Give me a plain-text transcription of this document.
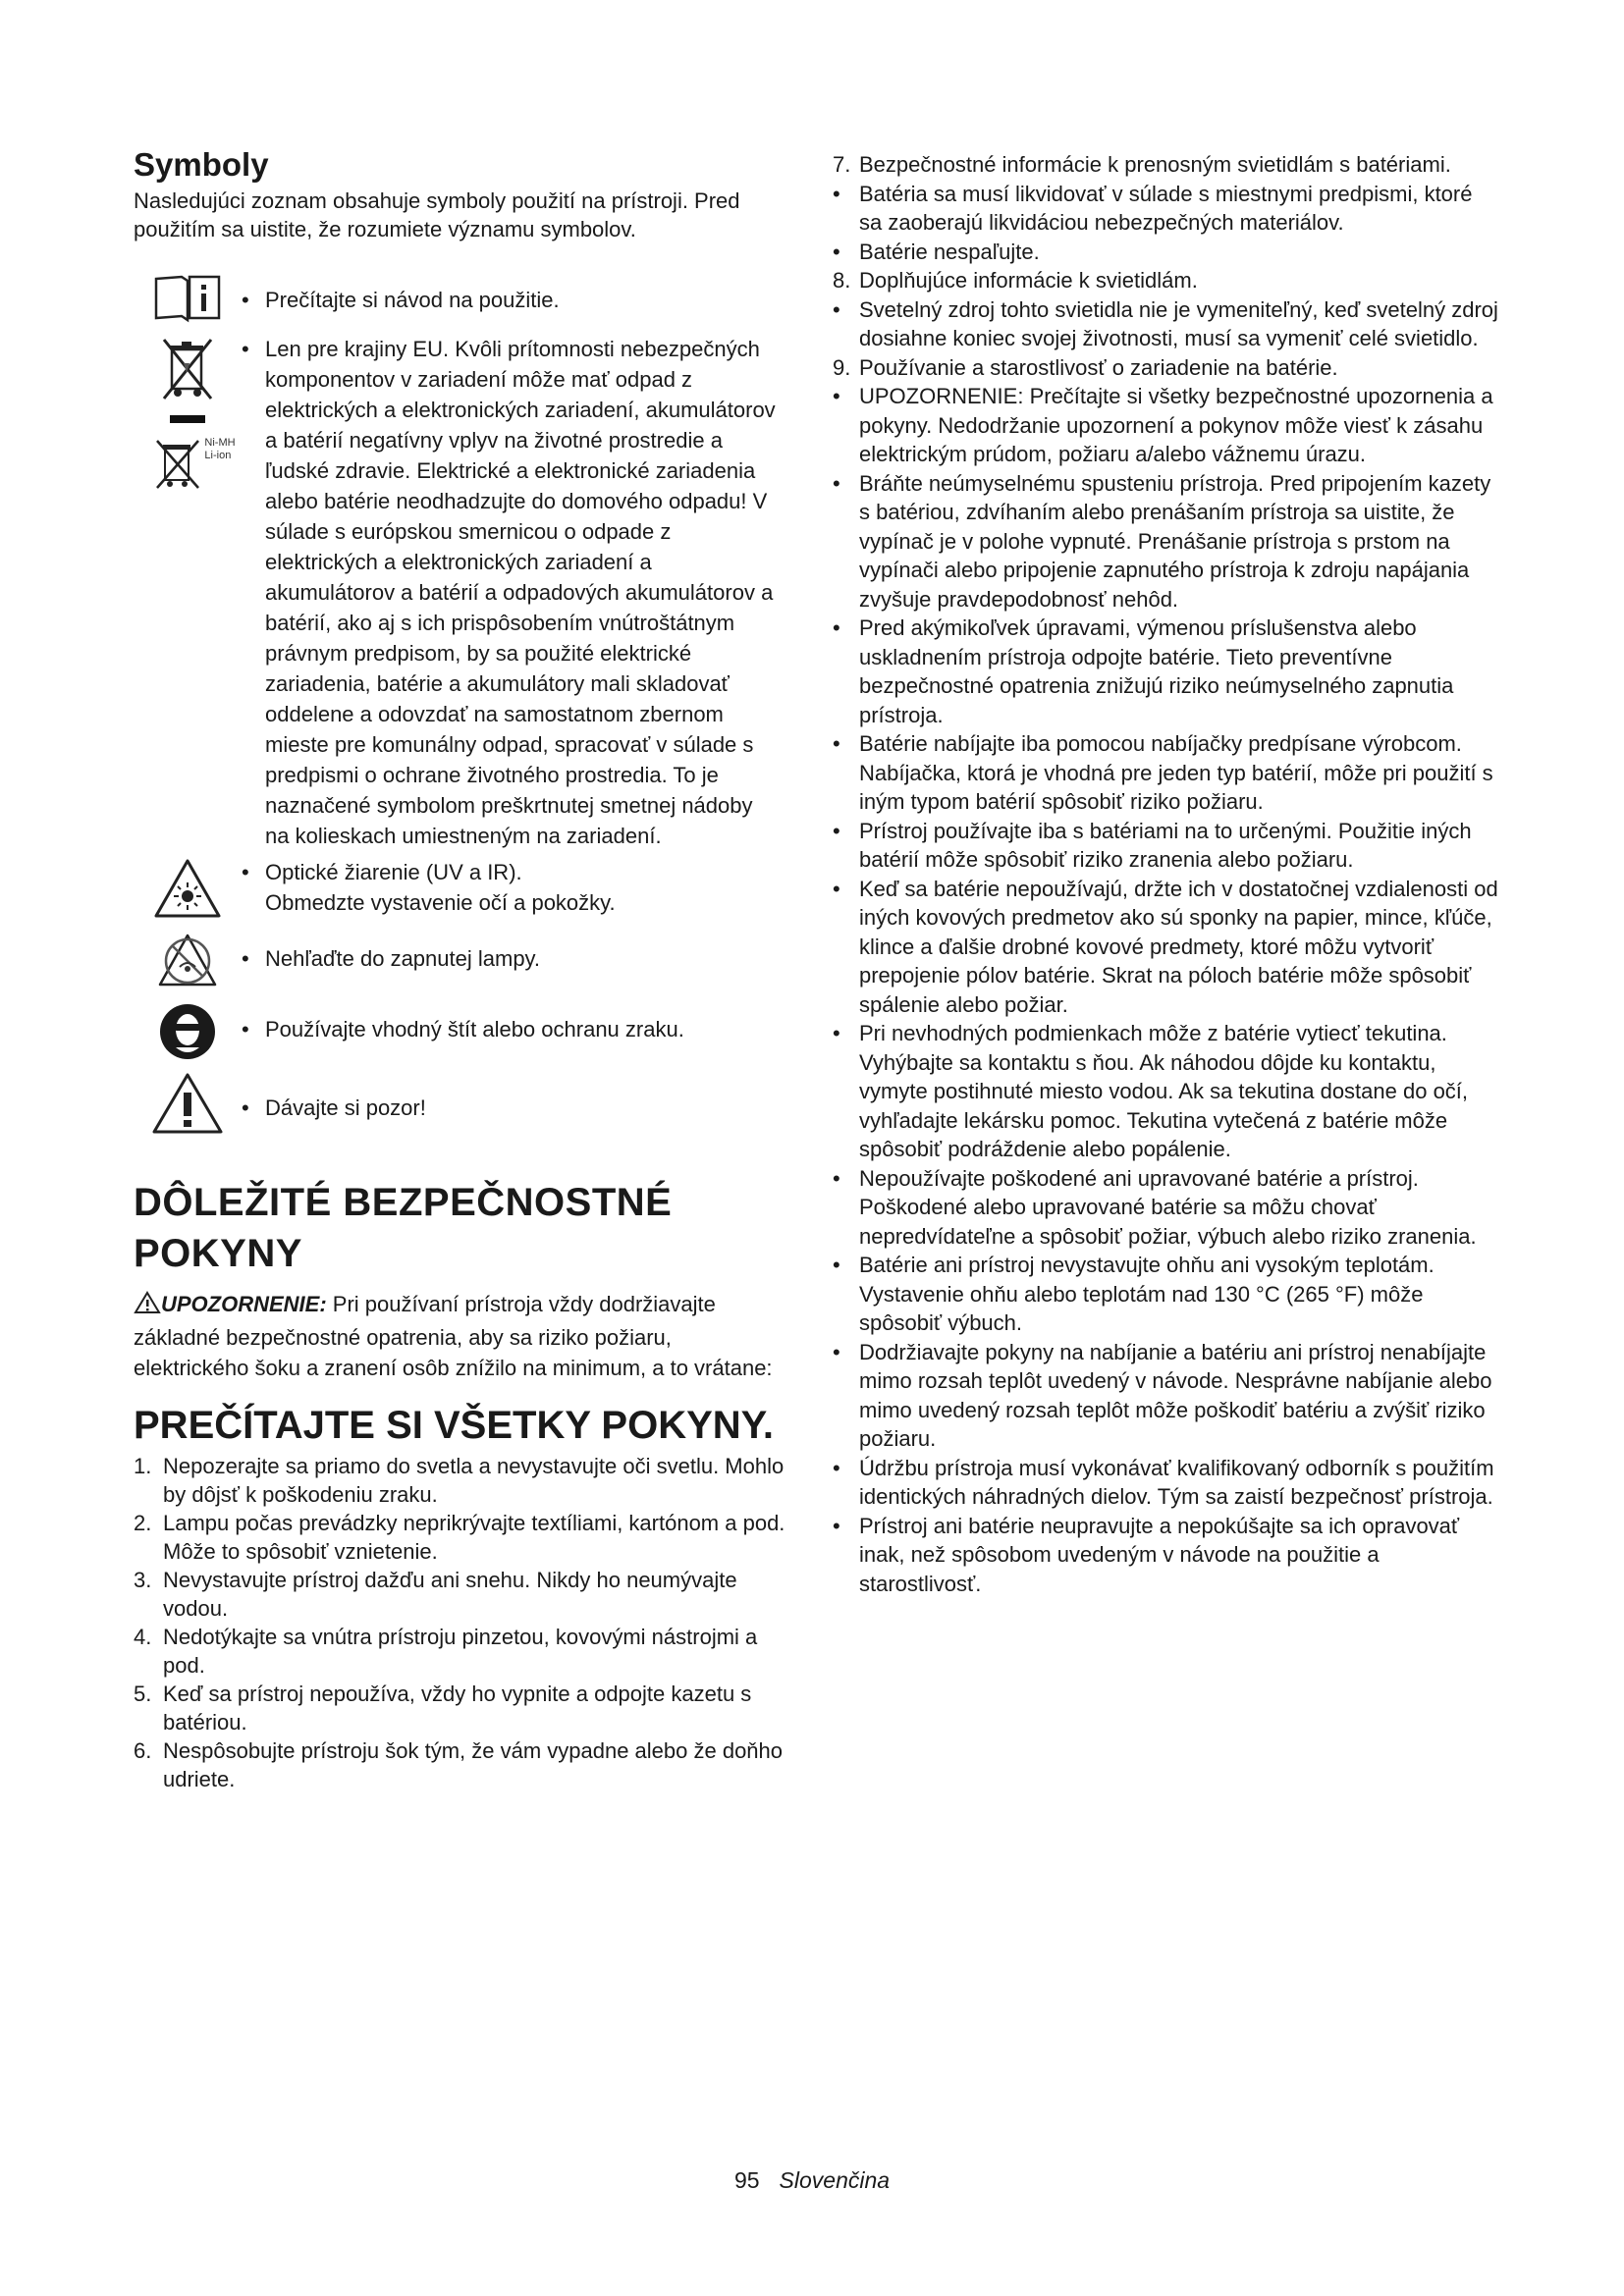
Symboly

Nasledujúci zoznam obsahuje symboly použití na prístroji. Pred použitím sa uistite, že rozumiete významu symbolov.

• Prečítajte si návod na použitie.
Ni-MH
Li-ion
• Len pre krajiny EU. Kvôli prítomnosti nebezpečných komponentov v zariadení môže mať odpad z elektrických a elektronických zariadení, akumulátorov a batérií negatívny vplyv na životné prostredie a ľudské zdravie. Elektrické a elektronické zariadenia alebo batérie neodhadzujte do domového odpadu! V súlade s európskou smernicou o odpade z elektrických a elektronických zariadení a akumulátorov a batérií a odpadových akumulátorov a batérií, ako aj s ich prispôsobením vnútroštátnym právnym predpisom, by sa použité elektrické zariadenia, batérie a akumulátory mali skladovať oddelene a odovzdať na samostatnom zbernom mieste pre komunálny odpad, spracovať v súlade s predpismi o ochrane životného prostredia. To je naznačené symbolom preškrtnutej smetnej nádoby na kolieskach umiestneným na zariadení.
• Optické žiarenie (UV a IR).
Obmedzte vystavenie očí a pokožky.
• Nehľaďte do zapnutej lampy.
• Používajte vhodný štít alebo ochranu zraku.
• Dávajte si pozor!
DÔLEŽITÉ BEZPEČNOSTNÉ POKYNY

UPOZORNENIE: Pri používaní prístroja vždy dodržiavajte základné bezpečnostné opatrenia, aby sa riziko požiaru, elektrického šoku a zranení osôb znížilo na minimum, a to vrátane:

PREČÍTAJTE SI VŠETKY POKYNY.
1. Nepozerajte sa priamo do svetla a nevystavujte oči svetlu. Mohlo by dôjsť k poškodeniu zraku.
2. Lampu počas prevádzky neprikrývajte textíliami, kartónom a pod. Môže to spôsobiť vznietenie.
3. Nevystavujte prístroj dažďu ani snehu. Nikdy ho neumývajte vodou.
4. Nedotýkajte sa vnútra prístroju pinzetou, kovovými nástrojmi a pod.
5. Keď sa prístroj nepoužíva, vždy ho vypnite a odpojte kazetu s batériou.
6. Nespôsobujte prístroju šok tým, že vám vypadne alebo že doňho udriete.
7. Bezpečnostné informácie k prenosným svietidlám s batériami.
• Batéria sa musí likvidovať v súlade s miestnymi predpismi, ktoré sa zaoberajú likvidáciou nebezpečných materiálov.
• Batérie nespaľujte.
8. Doplňujúce informácie k svietidlám.
• Svetelný zdroj tohto svietidla nie je vymeniteľný, keď svetelný zdroj dosiahne koniec svojej životnosti, musí sa vymeniť celé svietidlo.
9. Používanie a starostlivosť o zariadenie na batérie.
• UPOZORNENIE: Prečítajte si všetky bezpečnostné upozornenia a pokyny. Nedodržanie upozornení a pokynov môže viesť k zásahu elektrickým prúdom, požiaru a/alebo vážnemu úrazu.
• Bráňte neúmyselnému spusteniu prístroja. Pred pripojením kazety s batériou, zdvíhaním alebo prenášaním prístroja sa uistite, že vypínač je v polohe vypnuté. Prenášanie prístroja s prstom na vypínači alebo pripojenie zapnutého prístroja k zdroju napájania zvyšuje pravdepodobnosť nehôd.
• Pred akýmikoľvek úpravami, výmenou príslušenstva alebo uskladnením prístroja odpojte batérie. Tieto preventívne bezpečnostné opatrenia znižujú riziko neúmyselného zapnutia prístroja.
• Batérie nabíjajte iba pomocou nabíjačky predpísane výrobcom. Nabíjačka, ktorá je vhodná pre jeden typ batérií, môže pri použití s iným typom batérií spôsobiť riziko požiaru.
• Prístroj používajte iba s batériami na to určenými. Použitie iných batérií môže spôsobiť riziko zranenia alebo požiaru.
• Keď sa batérie nepoužívajú, držte ich v dostatočnej vzdialenosti od iných kovových predmetov ako sú sponky na papier, mince, kľúče, klince a ďalšie drobné kovové predmety, ktoré môžu vytvoriť prepojenie pólov batérie. Skrat na póloch batérie môže spôsobiť spálenie alebo požiar.
• Pri nevhodných podmienkach môže z batérie vytiecť tekutina. Vyhýbajte sa kontaktu s ňou. Ak náhodou dôjde ku kontaktu, vymyte postihnuté miesto vodou. Ak sa tekutina dostane do očí, vyhľadajte lekársku pomoc. Tekutina vytečená z batérie môže spôsobiť podráždenie alebo popálenie.
• Nepoužívajte poškodené ani upravované batérie a prístroj. Poškodené alebo upravované batérie sa môžu chovať nepredvídateľne a spôsobiť požiar, výbuch alebo riziko zranenia.
• Batérie ani prístroj nevystavujte ohňu ani vysokým teplotám. Vystavenie ohňu alebo teplotám nad 130 °C (265 °F) môže spôsobiť výbuch.
• Dodržiavajte pokyny na nabíjanie a batériu ani prístroj nenabíjajte mimo rozsah teplôt uvedený v návode. Nesprávne nabíjanie alebo mimo uvedený rozsah teplôt môže poškodiť batériu a zvýšiť riziko požiaru.
• Údržbu prístroja musí vykonávať kvalifikovaný odborník s použitím identických náhradných dielov. Tým sa zaistí bezpečnosť prístroja.
• Prístroj ani batérie neupravujte a nepokúšajte sa ich opravovať inak, než spôsobom uvedeným v návode na použitie a starostlivosť.
95 Slovenčina
